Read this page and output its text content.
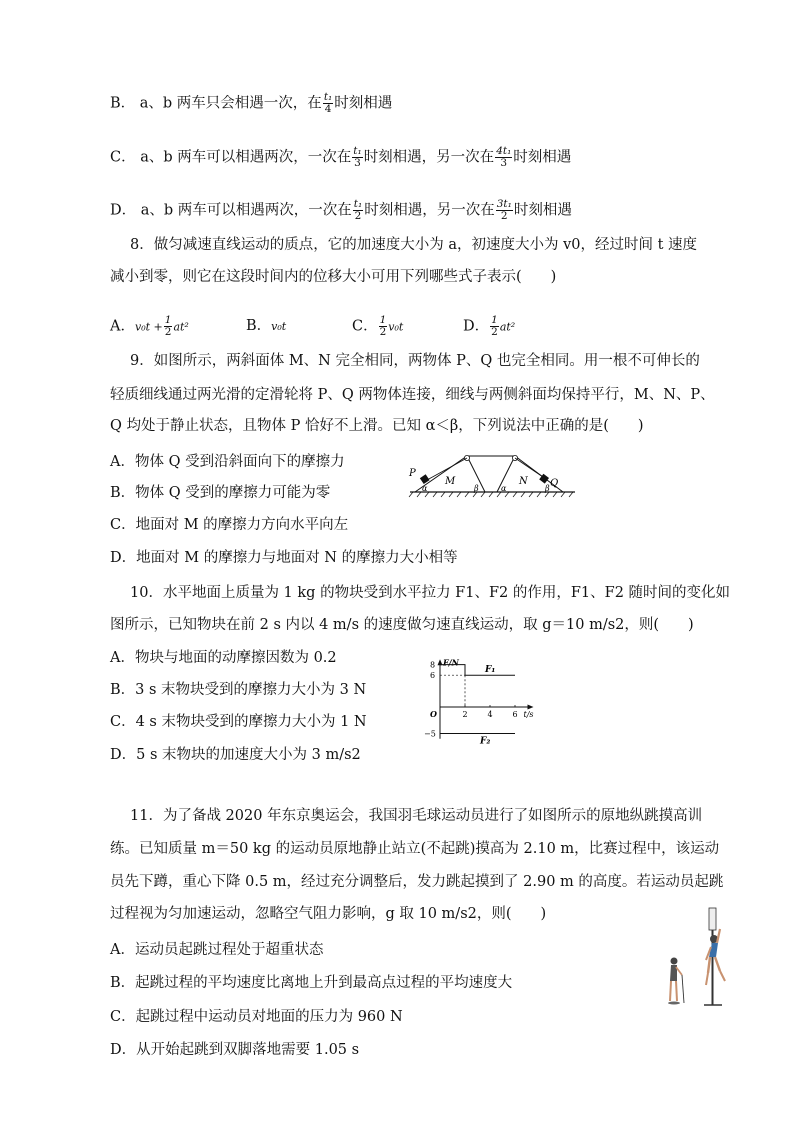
B． a、b 两车只会相遇一次，在 $\frac{\text{t₁}}{4}$ 时刻相遇
C． a、b 两车可以相遇两次，一次在 $\frac{\text{t₁}}{3}$ 时刻相遇，另一次在 $\frac{\text{4t₁}}{3}$ 时刻相遇
D． a、b 两车可以相遇两次，一次在 $\frac{\text{t₁}}{2}$ 时刻相遇，另一次在 $\frac{\text{3t₁}}{2}$ 时刻相遇
8．做匀减速直线运动的质点，它的加速度大小为 a，初速度大小为 v0，经过时间 t 速度
减小到零，则它在这段时间内的位移大小可用下列哪些式子表示(　　)
A．$v_0t + \frac{1}{2} at^2$	B．v₀t	C． $\frac{1}{2} v_0t$	D． $\frac{1}{2} at^2$
9．如图所示，两斜面体 M、N 完全相同，两物体 P、Q 也完全相同。用一根不可伸长的
轻质细线通过两光滑的定滑轮将 P、Q 两物体连接，细线与两侧斜面均保持平行，M、N、P、
Q 均处于静止状态，且物体 P 恰好不上滑。已知 α＜β，下列说法中正确的是(　　)
A．物体 Q 受到沿斜面向下的摩擦力
B．物体 Q 受到的摩擦力可能为零
C．地面对 M 的摩擦力方向水平向左
D．地面对 M 的摩擦力与地面对 N 的摩擦力大小相等
P
M	N Q
α	β	α	β
10．水平地面上质量为 1 kg 的物块受到水平拉力 F1、F2 的作用，F1、F2 随时间的变化如
图所示，已知物块在前 2 s 内以 4 m/s 的速度做匀速直线运动，取 g＝10 m/s2，则(　　)
A．物块与地面的动摩擦因数为 0.2
B．3 s 末物块受到的摩擦力大小为 3 N
C．4 s 末物块受到的摩擦力大小为 1 N
D．5 s 末物块的加速度大小为 3 m/s2
F/N
t/s
O	2 4 6
8
6
−5
F₁
F₂
11．为了备战 2020 年东京奥运会，我国羽毛球运动员进行了如图所示的原地纵跳摸高训
练。已知质量 m＝50 kg 的运动员原地静止站立(不起跳)摸高为 2.10 m，比赛过程中，该运动
员先下蹲，重心下降 0.5 m，经过充分调整后，发力跳起摸到了 2.90 m 的高度。若运动员起跳
过程视为匀加速运动，忽略空气阻力影响，g 取 10 m/s2，则(　　)
A．运动员起跳过程处于超重状态
B．起跳过程的平均速度比离地上升到最高点过程的平均速度大
C．起跳过程中运动员对地面的压力为 960 N
D．从开始起跳到双脚落地需要 1.05 s
